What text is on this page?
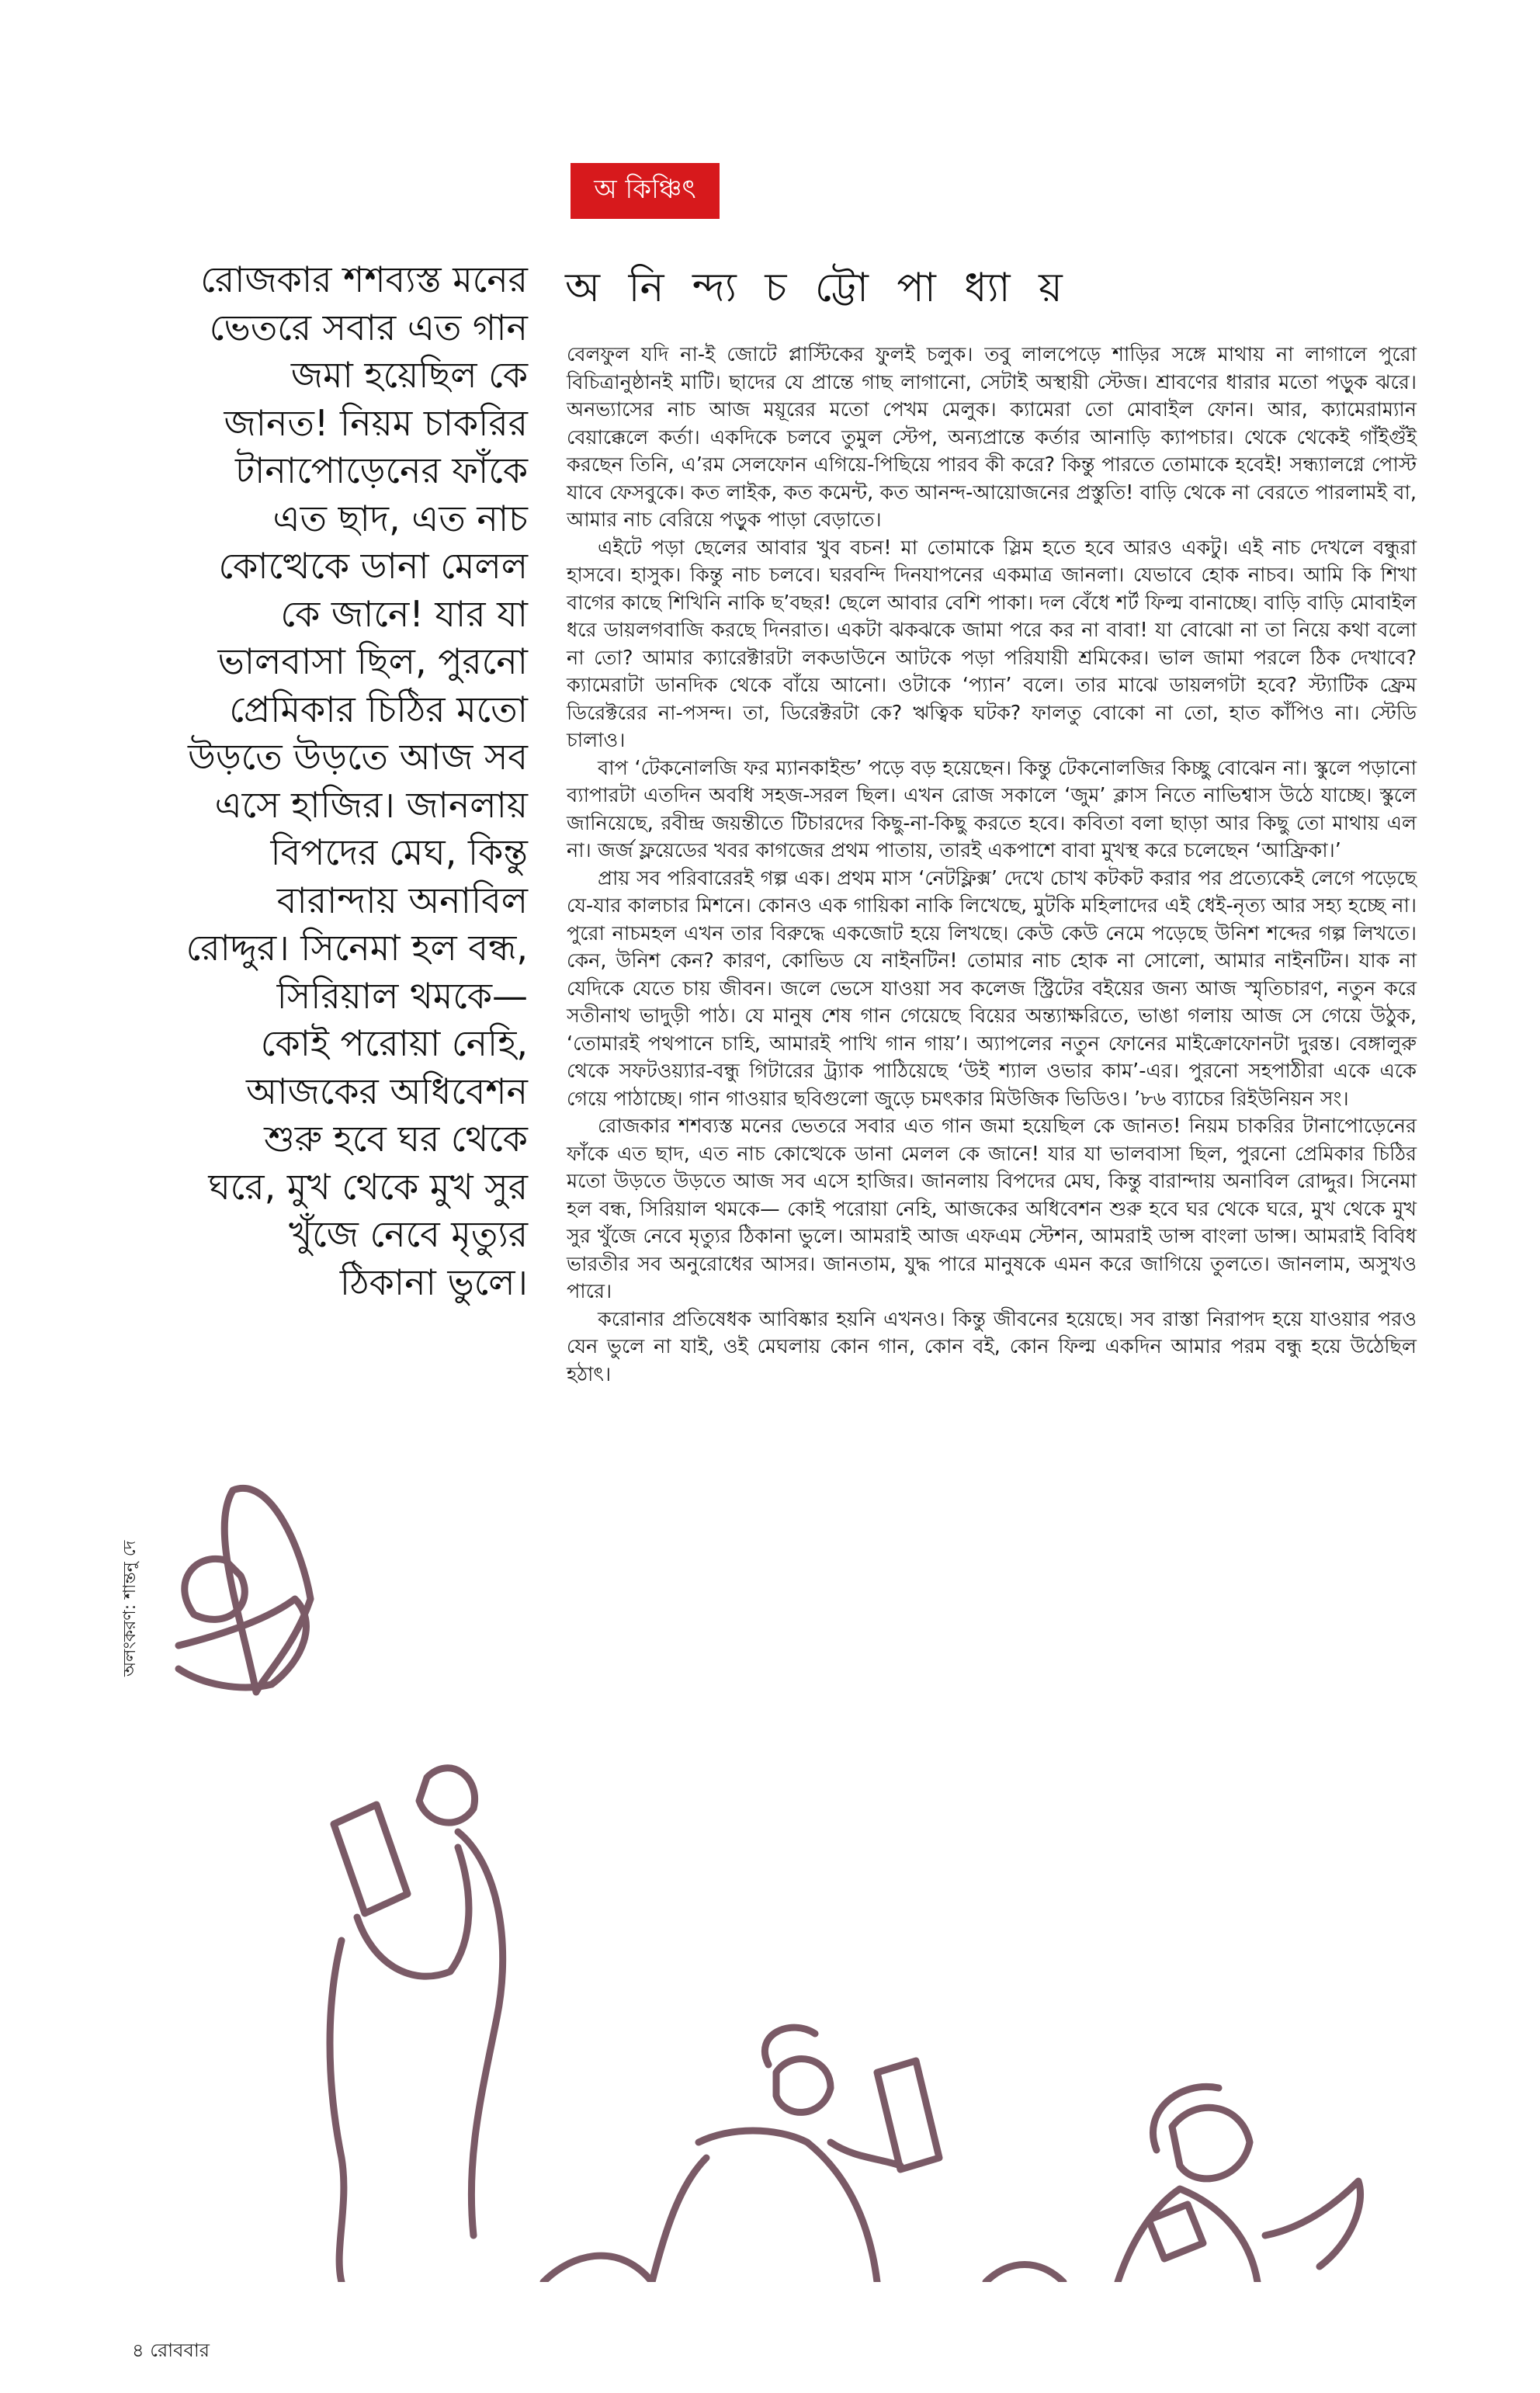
অ কিঞ্চিৎ
অ নি ন্দ্য চ ট্টো পা ধ্যা য়
রোজকার শশব্যস্ত মনের
ভেতরে সবার এত গান
জমা হয়েছিল কে
জানত! নিয়ম চাকরির
টানাপোড়েনের ফাঁকে
এত ছাদ, এত নাচ
কোত্থেকে ডানা মেলল
কে জানে! যার যা
ভালবাসা ছিল, পুরনো
প্রেমিকার চিঠির মতো
উড়তে উড়তে আজ সব
এসে হাজির। জানলায়
বিপদের মেঘ, কিন্তু
বারান্দায় অনাবিল
রোদ্দুর। সিনেমা হল বন্ধ,
সিরিয়াল থমকে—
কোই পরোয়া নেহি,
আজকের অধিবেশন
শুরু হবে ঘর থেকে
ঘরে, মুখ থেকে মুখ সুর
খুঁজে নেবে মৃত্যুর
ঠিকানা ভুলে।

বেলফুল যদি না-ই জোটে প্লাস্টিকের ফুলই চলুক। তবু লালপেড়ে শাড়ির সঙ্গে মাথায় না লাগালে পুরো বিচিত্রানুষ্ঠানই মাটি। ছাদের যে প্রান্তে গাছ লাগানো, সেটাই অস্থায়ী স্টেজ। শ্রাবণের ধারার মতো পড়ুক ঝরে। অনভ্যাসের নাচ আজ ময়ূরের মতো পেখম মেলুক। ক্যামেরা তো মোবাইল ফোন। আর, ক্যামেরাম্যান বেয়াক্কেলে কর্তা। একদিকে চলবে তুমুল স্টেপ, অন্যপ্রান্তে কর্তার আনাড়ি ক্যাপচার। থেকে থেকেই গাঁইগুঁই করছেন তিনি, এ’রম সেলফোন এগিয়ে-পিছিয়ে পারব কী করে? কিন্তু পারতে তোমাকে হবেই! সন্ধ্যালগ্নে পোস্ট যাবে ফেসবুকে। কত লাইক, কত কমেন্ট, কত আনন্দ-আয়োজনের প্রস্তুতি! বাড়ি থেকে না বেরতে পারলামই বা, আমার নাচ বেরিয়ে পড়ুক পাড়া বেড়াতে।

এইটে পড়া ছেলের আবার খুব বচন! মা তোমাকে স্লিম হতে হবে আরও একটু। এই নাচ দেখলে বন্ধুরা হাসবে। হাসুক। কিন্তু নাচ চলবে। ঘরবন্দি দিনযাপনের একমাত্র জানলা। যেভাবে হোক নাচব। আমি কি শিখা বাগের কাছে শিখিনি নাকি ছ’বছর! ছেলে আবার বেশি পাকা। দল বেঁধে শর্ট ফিল্ম বানাচ্ছে। বাড়ি বাড়ি মোবাইল ধরে ডায়লগবাজি করছে দিনরাত। একটা ঝকঝকে জামা পরে কর না বাবা! যা বোঝো না তা নিয়ে কথা বলো না তো? আমার ক্যারেক্টারটা লকডাউনে আটকে পড়া পরিযায়ী শ্রমিকের। ভাল জামা পরলে ঠিক দেখাবে? ক্যামেরাটা ডানদিক থেকে বাঁয়ে আনো। ওটাকে ‘প্যান’ বলে। তার মাঝে ডায়লগটা হবে? স্ট্যাটিক ফ্রেম ডিরেক্টরের না-পসন্দ। তা, ডিরেক্টরটা কে? ঋত্বিক ঘটক? ফালতু বোকো না তো, হাত কাঁপিও না। স্টেডি চালাও।

বাপ ‘টেকনোলজি ফর ম্যানকাইন্ড’ পড়ে বড় হয়েছেন। কিন্তু টেকনোলজির কিচ্ছু বোঝেন না। স্কুলে পড়ানো ব্যাপারটা এতদিন অবধি সহজ-সরল ছিল। এখন রোজ সকালে ‘জুম’ ক্লাস নিতে নাভিশ্বাস উঠে যাচ্ছে। স্কুলে জানিয়েছে, রবীন্দ্র জয়ন্তীতে টিচারদের কিছু-না-কিছু করতে হবে। কবিতা বলা ছাড়া আর কিছু তো মাথায় এল না। জর্জ ফ্লয়েডের খবর কাগজের প্রথম পাতায়, তারই একপাশে বাবা মুখস্থ করে চলেছেন ‘আফ্রিকা।’

প্রায় সব পরিবারেরই গল্প এক। প্রথম মাস ‘নেটফ্লিক্স’ দেখে চোখ কটকট করার পর প্রত্যেকেই লেগে পড়েছে যে-যার কালচার মিশনে। কোনও এক গায়িকা নাকি লিখেছে, মুটকি মহিলাদের এই ধেই-নৃত্য আর সহ্য হচ্ছে না। পুরো নাচমহল এখন তার বিরুদ্ধে একজোট হয়ে লিখছে। কেউ কেউ নেমে পড়েছে উনিশ শব্দের গল্প লিখতে। কেন, উনিশ কেন? কারণ, কোভিড যে নাইনটিন! তোমার নাচ হোক না সোলো, আমার নাইনটিন। যাক না যেদিকে যেতে চায় জীবন। জলে ভেসে যাওয়া সব কলেজ স্ট্রিটের বইয়ের জন্য আজ স্মৃতিচারণ, নতুন করে সতীনাথ ভাদুড়ী পাঠ। যে মানুষ শেষ গান গেয়েছে বিয়ের অন্ত্যাক্ষরিতে, ভাঙা গলায় আজ সে গেয়ে উঠুক, ‘তোমারই পথপানে চাহি, আমারই পাখি গান গায়’। অ্যাপলের নতুন ফোনের মাইক্রোফোনটা দুরন্ত। বেঙ্গালুরু থেকে সফটওয়্যার-বন্ধু গিটারের ট্র্যাক পাঠিয়েছে ‘উই শ্যাল ওভার কাম’-এর। পুরনো সহপাঠীরা একে একে গেয়ে পাঠাচ্ছে। গান গাওয়ার ছবিগুলো জুড়ে চমৎকার মিউজিক ভিডিও। ’৮৬ ব্যাচের রিইউনিয়ন সং।

রোজকার শশব্যস্ত মনের ভেতরে সবার এত গান জমা হয়েছিল কে জানত! নিয়ম চাকরির টানাপোড়েনের ফাঁকে এত ছাদ, এত নাচ কোত্থেকে ডানা মেলল কে জানে! যার যা ভালবাসা ছিল, পুরনো প্রেমিকার চিঠির মতো উড়তে উড়তে আজ সব এসে হাজির। জানলায় বিপদের মেঘ, কিন্তু বারান্দায় অনাবিল রোদ্দুর। সিনেমা হল বন্ধ, সিরিয়াল থমকে— কোই পরোয়া নেহি, আজকের অধিবেশন শুরু হবে ঘর থেকে ঘরে, মুখ থেকে মুখ সুর খুঁজে নেবে মৃত্যুর ঠিকানা ভুলে। আমরাই আজ এফএম স্টেশন, আমরাই ডান্স বাংলা ডান্স। আমরাই বিবিধ ভারতীর সব অনুরোধের আসর। জানতাম, যুদ্ধ পারে মানুষকে এমন করে জাগিয়ে তুলতে। জানলাম, অসুখও পারে।

করোনার প্রতিষেধক আবিষ্কার হয়নি এখনও। কিন্তু জীবনের হয়েছে। সব রাস্তা নিরাপদ হয়ে যাওয়ার পরও যেন ভুলে না যাই, ওই মেঘলায় কোন গান, কোন বই, কোন ফিল্ম একদিন আমার পরম বন্ধু হয়ে উঠেছিল হঠাৎ।

অলংকরণ: শান্তনু দে
৪ রোববার
